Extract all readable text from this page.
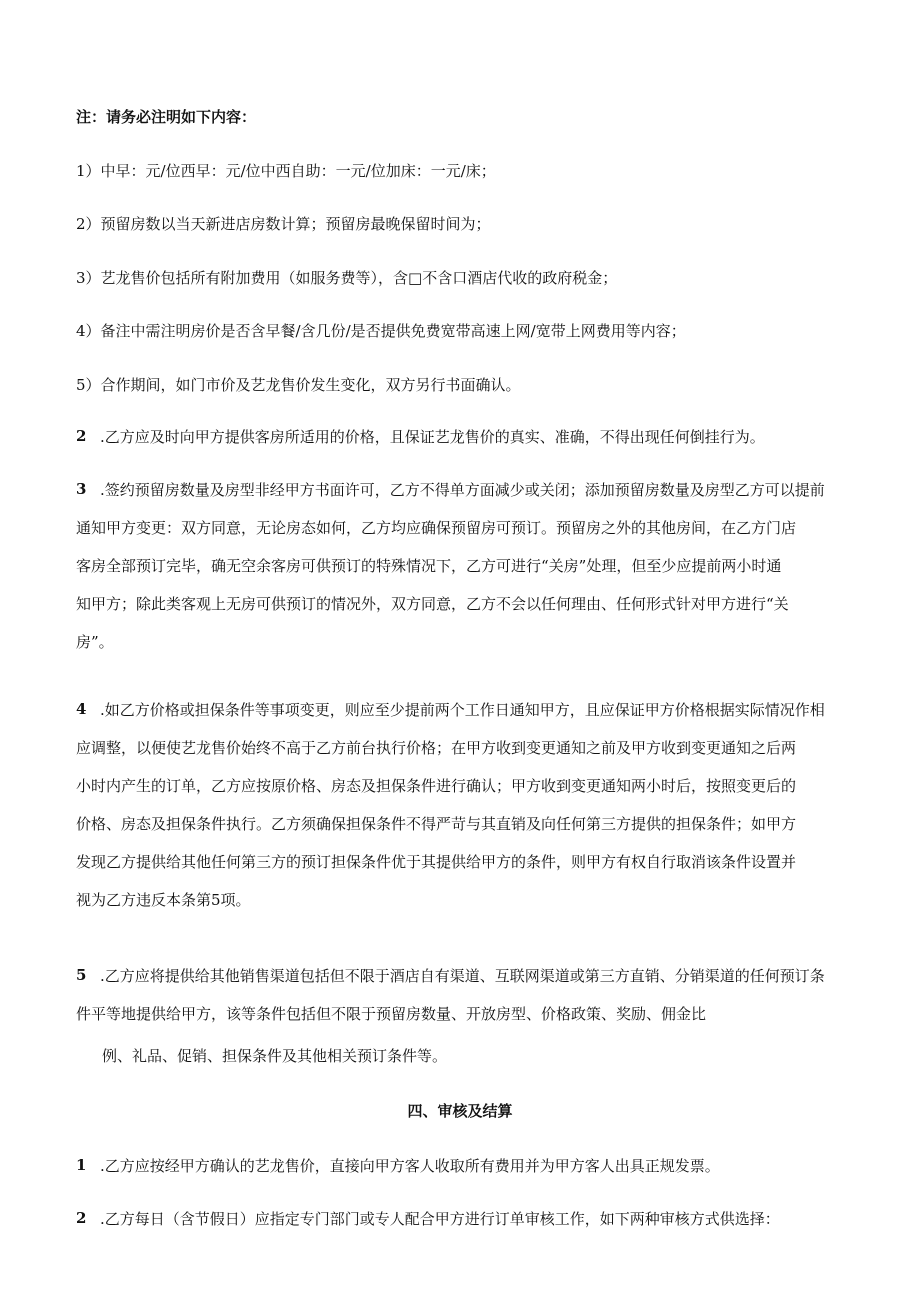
注：请务必注明如下内容：
1）中早：元/位西早：元/位中西自助：一元/位加床：一元/床；
2）预留房数以当天新进店房数计算；预留房最晚保留时间为；
3）艺龙售价包括所有附加费用（如服务费等），含□不含口酒店代收的政府税金；
4）备注中需注明房价是否含早餐/含几份/是否提供免费宽带高速上网/宽带上网费用等内容；
5）合作期间，如门市价及艺龙售价发生变化，双方另行书面确认。
2 .乙方应及时向甲方提供客房所适用的价格，且保证艺龙售价的真实、准确，不得出现任何倒挂行为。
3 .签约预留房数量及房型非经甲方书面许可，乙方不得单方面减少或关闭；添加预留房数量及房型乙方可以提前
通知甲方变更：双方同意，无论房态如何，乙方均应确保预留房可预订。预留房之外的其他房间，在乙方门店
客房全部预订完毕，确无空余客房可供预订的特殊情况下，乙方可进行“关房”处理，但至少应提前两小时通
知甲方；除此类客观上无房可供预订的情况外，双方同意，乙方不会以任何理由、任何形式针对甲方进行“关
房”。
4 .如乙方价格或担保条件等事项变更，则应至少提前两个工作日通知甲方，且应保证甲方价格根据实际情况作相
应调整，以便使艺龙售价始终不高于乙方前台执行价格；在甲方收到变更通知之前及甲方收到变更通知之后两
小时内产生的订单，乙方应按原价格、房态及担保条件进行确认；甲方收到变更通知两小时后，按照变更后的
价格、房态及担保条件执行。乙方须确保担保条件不得严苛与其直销及向任何第三方提供的担保条件；如甲方
发现乙方提供给其他任何第三方的预订担保条件优于其提供给甲方的条件，则甲方有权自行取消该条件设置并
视为乙方违反本条第5项。
5 .乙方应将提供给其他销售渠道包括但不限于酒店自有渠道、互联网渠道或第三方直销、分销渠道的任何预订条
件平等地提供给甲方，该等条件包括但不限于预留房数量、开放房型、价格政策、奖励、佣金比
例、礼品、促销、担保条件及其他相关预订条件等。
四、审核及结算
1 .乙方应按经甲方确认的艺龙售价，直接向甲方客人收取所有费用并为甲方客人出具正规发票。
2 .乙方每日（含节假日）应指定专门部门或专人配合甲方进行订单审核工作，如下两种审核方式供选择：
